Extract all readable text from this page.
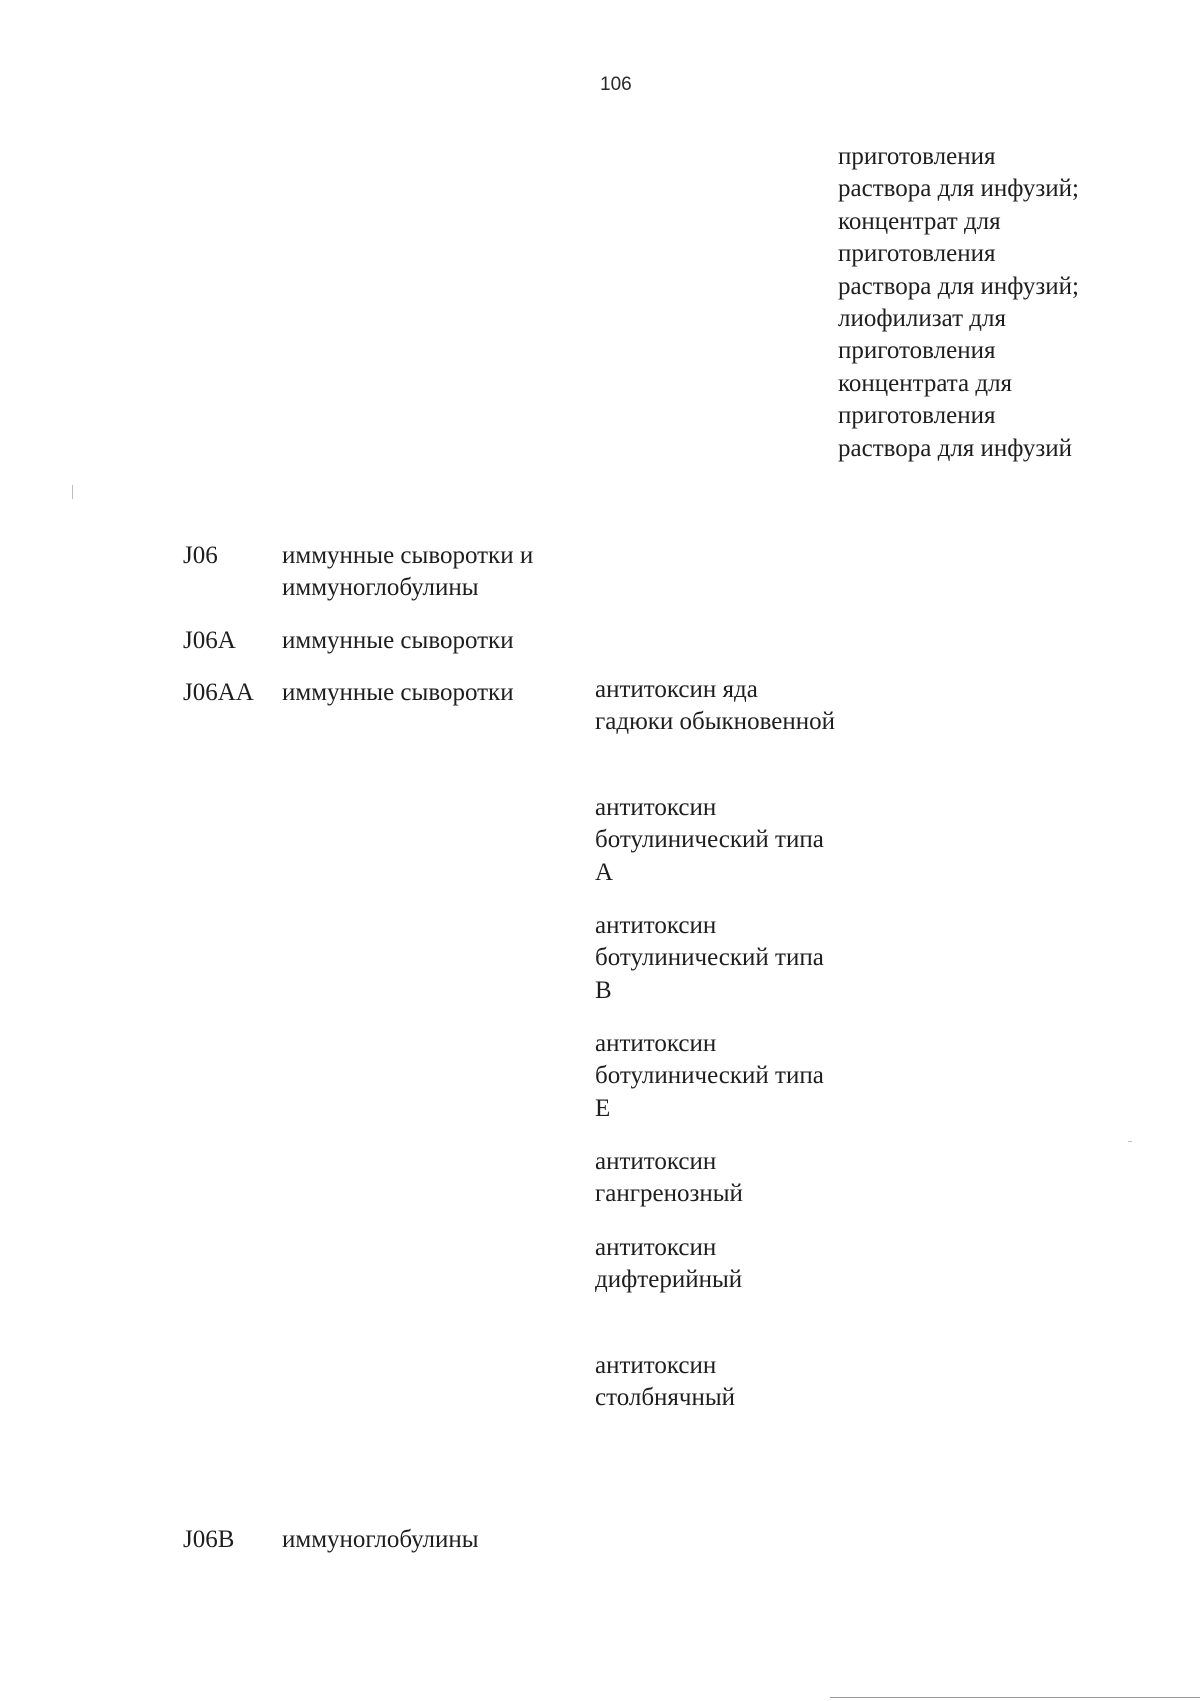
106
приготовления
раствора для инфузий;
концентрат для
приготовления
раствора для инфузий;
лиофилизат для
приготовления
концентрата для
приготовления
раствора для инфузий
J06	иммунные сыворотки и иммуноглобулины
J06A	иммунные сыворотки
J06AA	иммунные сыворотки	антитоксин яда гадюки обыкновенной
антитоксин ботулинический типа А
антитоксин ботулинический типа В
антитоксин ботулинический типа Е
антитоксин гангренозный
антитоксин дифтерийный
антитоксин столбнячный
J06B	иммуноглобулины
